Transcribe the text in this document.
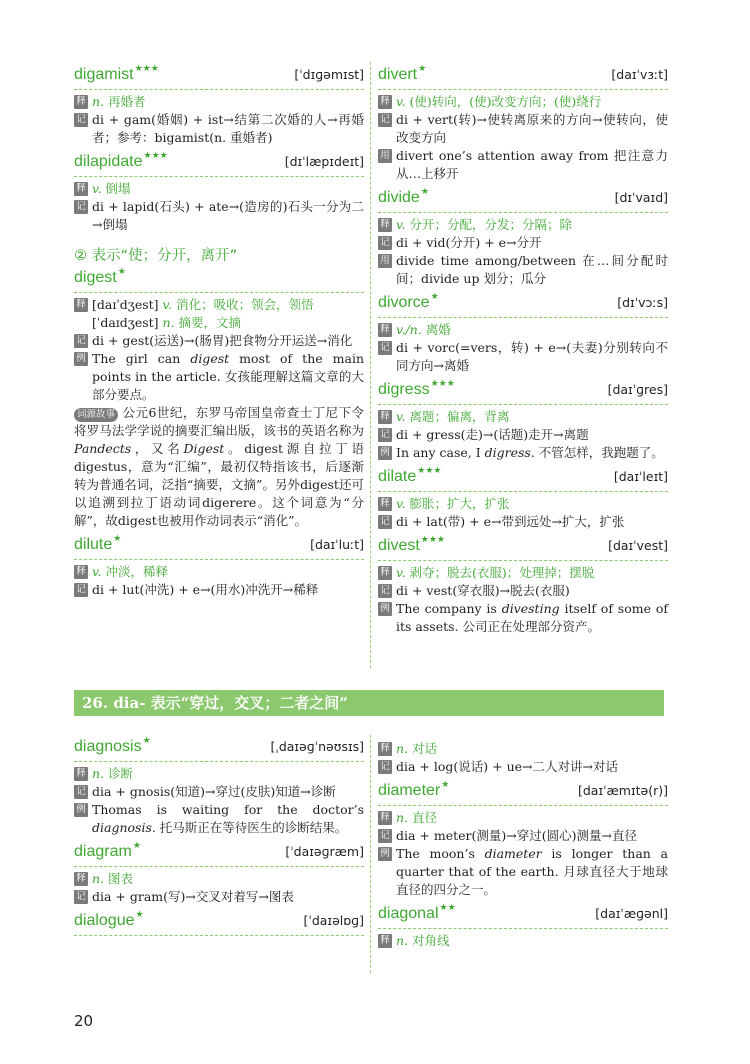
digamist★★★	[ˈdɪɡəmɪst]
释 n. 再婚者
记 di + gam(婚姻) + ist→结第二次婚的人→再婚者；参考：bigamist(n. 重婚者)
dilapidate★★★	[dɪˈlæpɪdeɪt]
释 v. 倒塌
记 di + lapid(石头) + ate→(造房的)石头一分为二→倒塌
② 表示“使；分开，离开”
digest★
释 [daɪˈdʒest] v. 消化；吸收；领会，领悟
[ˈdaɪdʒest] n. 摘要，文摘
记 di + gest(运送)→(肠胃)把食物分开运送→消化
例 The girl can digest most of the main points in the article. 女孩能理解这篇文章的大部分要点。
词源故事 公元6世纪，东罗马帝国皇帝查士丁尼下令将罗马法学学说的摘要汇编出版，该书的英语名称为Pandects，又名Digest。digest源自拉丁语digestus，意为“汇编”，最初仅特指该书，后逐渐转为普通名词，泛指“摘要，文摘”。另外digest还可以追溯到拉丁语动词digerere。这个词意为“分解”，故digest也被用作动词表示“消化”。
dilute★	[daɪˈluːt]
释 v. 冲淡，稀释
记 di + lut(冲洗) + e→(用水)冲洗开→稀释
divert★	[daɪˈvɜːt]
释 v. (使)转向，(使)改变方向；(使)绕行
记 di + vert(转)→使转离原来的方向→使转向，使改变方向
用 divert one’s attention away from 把注意力从…上移开
divide★	[dɪˈvaɪd]
释 v. 分开；分配，分发；分隔；除
记 di + vid(分开) + e→分开
用 divide time among/between 在…间分配时间；divide up 划分；瓜分
divorce★	[dɪˈvɔːs]
释 v./n. 离婚
记 di + vorc(=vers，转) + e→(夫妻)分别转向不同方向→离婚
digress★★★	[daɪˈɡres]
释 v. 离题；偏离，背离
记 di + gress(走)→(话题)走开→离题
例 In any case, I digress. 不管怎样，我跑题了。
dilate★★★	[daɪˈleɪt]
释 v. 膨胀；扩大，扩张
记 di + lat(带) + e→带到远处→扩大，扩张
divest★★★	[daɪˈvest]
释 v. 剥夺；脱去(衣服)；处理掉；摆脱
记 di + vest(穿衣服)→脱去(衣服)
例 The company is divesting itself of some of its assets. 公司正在处理部分资产。
26. dia- 表示“穿过，交叉；二者之间”
diagnosis★	[ˌdaɪəɡˈnəʊsɪs]
释 n. 诊断
记 dia + gnosis(知道)→穿过(皮肤)知道→诊断
例 Thomas is waiting for the doctor’s diagnosis. 托马斯正在等待医生的诊断结果。
diagram★	[ˈdaɪəɡræm]
释 n. 图表
记 dia + gram(写)→交叉对着写→图表
dialogue★	[ˈdaɪəlɒɡ]
释 n. 对话
记 dia + log(说话) + ue→二人对讲→对话
diameter★	[daɪˈæmɪtə(r)]
释 n. 直径
记 dia + meter(测量)→穿过(圆心)测量→直径
例 The moon’s diameter is longer than a quarter that of the earth. 月球直径大于地球直径的四分之一。
diagonal★★	[daɪˈæɡənl]
释 n. 对角线
20
